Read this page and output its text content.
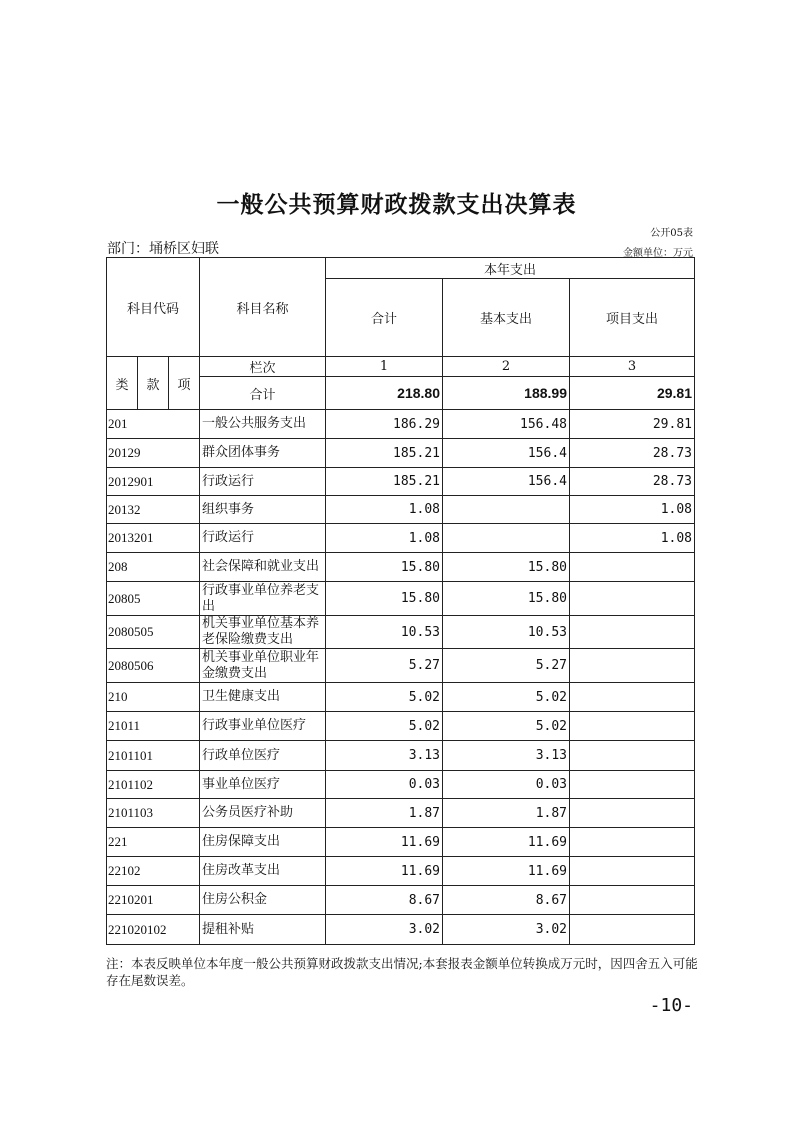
一般公共预算财政拨款支出决算表
公开05表
部门：埇桥区妇联	金额单位：万元
科目代码			科目名称	本年支出		
				合计	基本支出	项目支出

类	款	项	栏次	1	2	3
			合计	218.80	188.99	29.81
201			一般公共服务支出	186.29	156.48	29.81
20129			群众团体事务	185.21	156.4	28.73
2012901			行政运行	185.21	156.4	28.73
20132			组织事务	1.08		1.08
2013201			行政运行	1.08		1.08
208			社会保障和就业支出	15.80	15.80	
20805			行政事业单位养老支出	15.80	15.80	
2080505			机关事业单位基本养老保险缴费支出	10.53	10.53	
2080506			机关事业单位职业年金缴费支出	5.27	5.27	
210			卫生健康支出	5.02	5.02	
21011			行政事业单位医疗	5.02	5.02	
2101101			行政单位医疗	3.13	3.13	
2101102			事业单位医疗	0.03	0.03	
2101103			公务员医疗补助	1.87	1.87	
221			住房保障支出	11.69	11.69	
22102			住房改革支出	11.69	11.69	
2210201			住房公积金	8.67	8.67	
221020102			提租补贴	3.02	3.02	
注：本表反映单位本年度一般公共预算财政拨款支出情况;本套报表金额单位转换成万元时，因四舍五入可能存在尾数误差。
-10-
